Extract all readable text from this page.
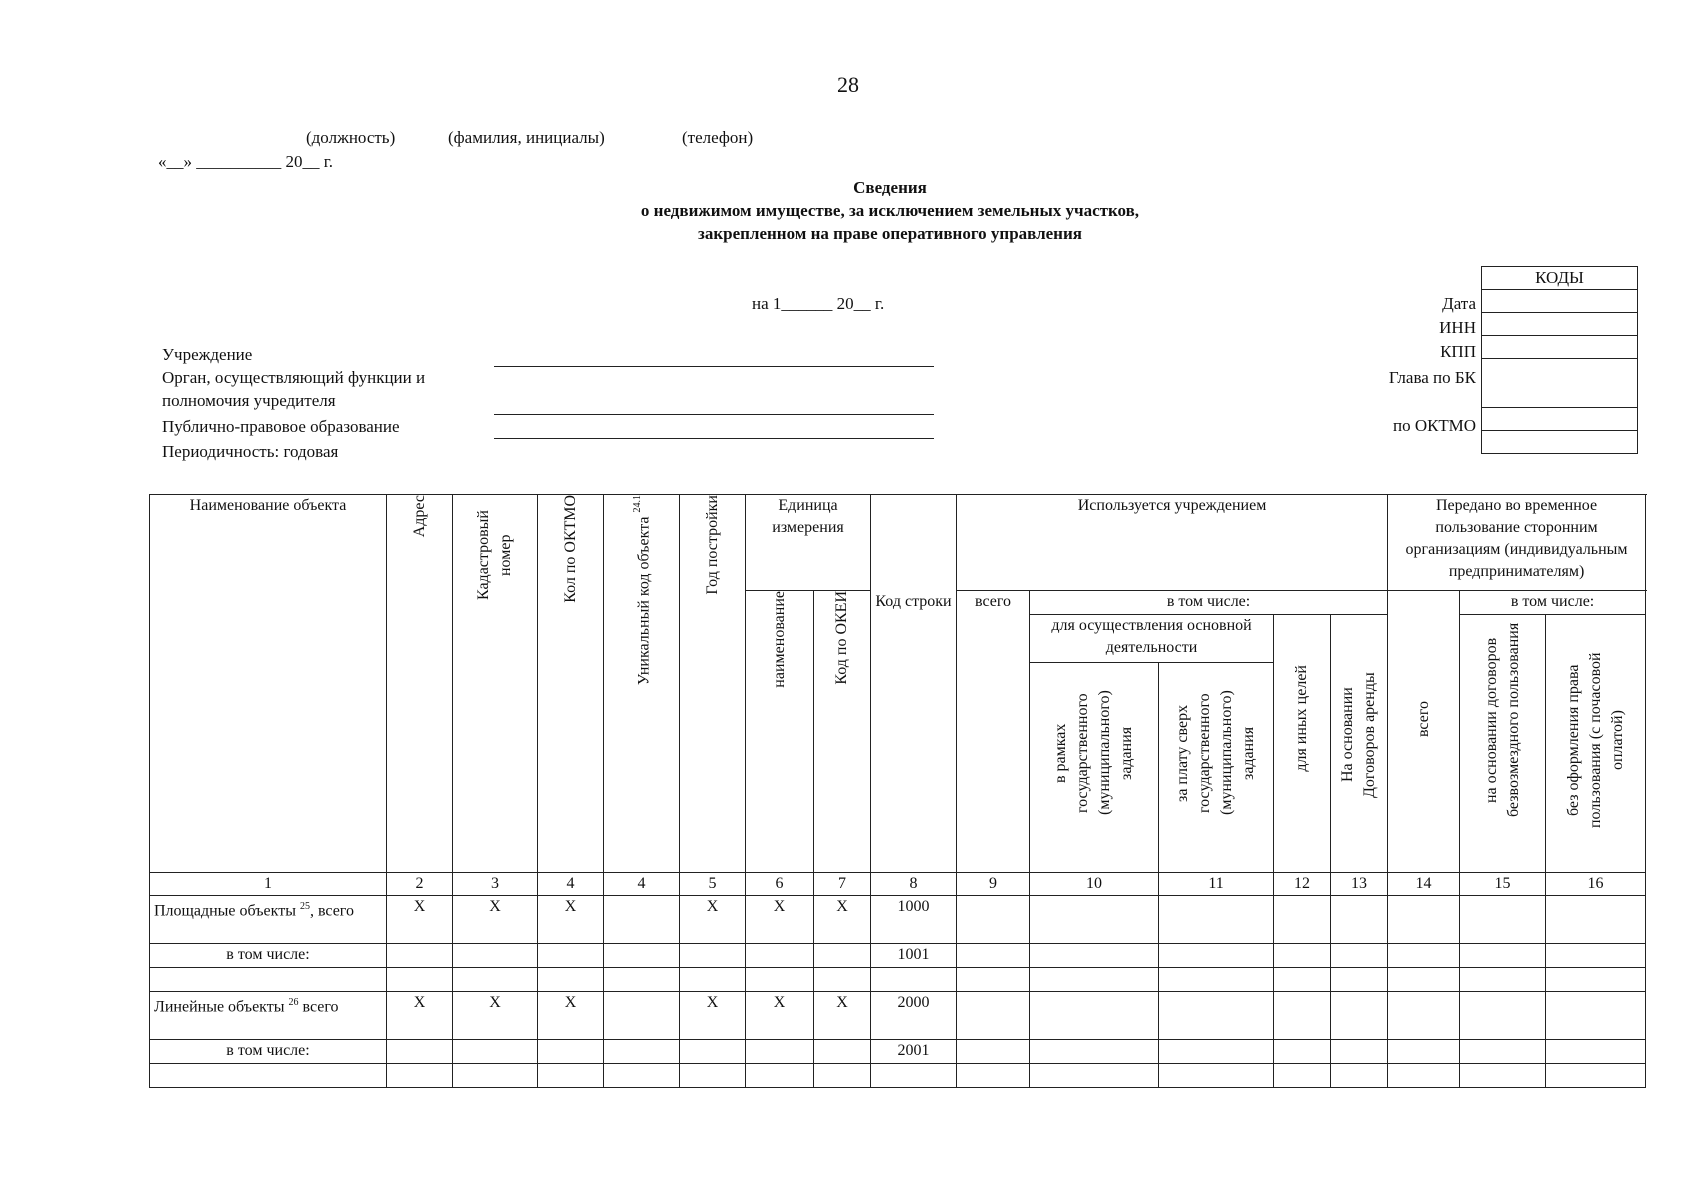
28
(должность)	(фамилия, инициалы)	(телефон)
«__» __________ 20__ г.
Сведения
о недвижимом имуществе, за исключением земельных участков,
закрепленном на праве оперативного управления
на 1______ 20__ г.
Учреждение
Орган, осуществляющий функции и
полномочия учредителя
Публично-правовое образование
Периодичность: годовая
Дата
ИНН
КПП
Глава по БК
по ОКТМО
КОДЫ

Наименование объекта	Адрес	Кадастровый номер	Кол по ОКТМО	Уникальный код объекта $^{24.1}$	Год постройки	Единица измерения		Код строки	Используется учреждением					Передано во временное пользование сторонним организациям (индивидуальным предпринимателям)		

						наименование	Код по ОКЕИ		всего	в том числе:				всего	в том числе:	
										для осуществления основной деятельности		для иных целей	На основании Договоров аренды		на основании договоров безвозмездного пользования	без оформления права пользования (с почасовой оплатой)

										в рамках государственного (муниципального) задания	за плату сверх государственного (муниципального) задания					

1	2	3	4	4	5	6	7	8	9	10	11	12	13	14	15	16
Площадные объекты $^{25}$, всего	X	X	X		X	X	X	1000								
в том числе:								1001								

Линейные объекты $^{26}$ всего	X	X	X		X	X	X	2000								
в том числе:								2001								
